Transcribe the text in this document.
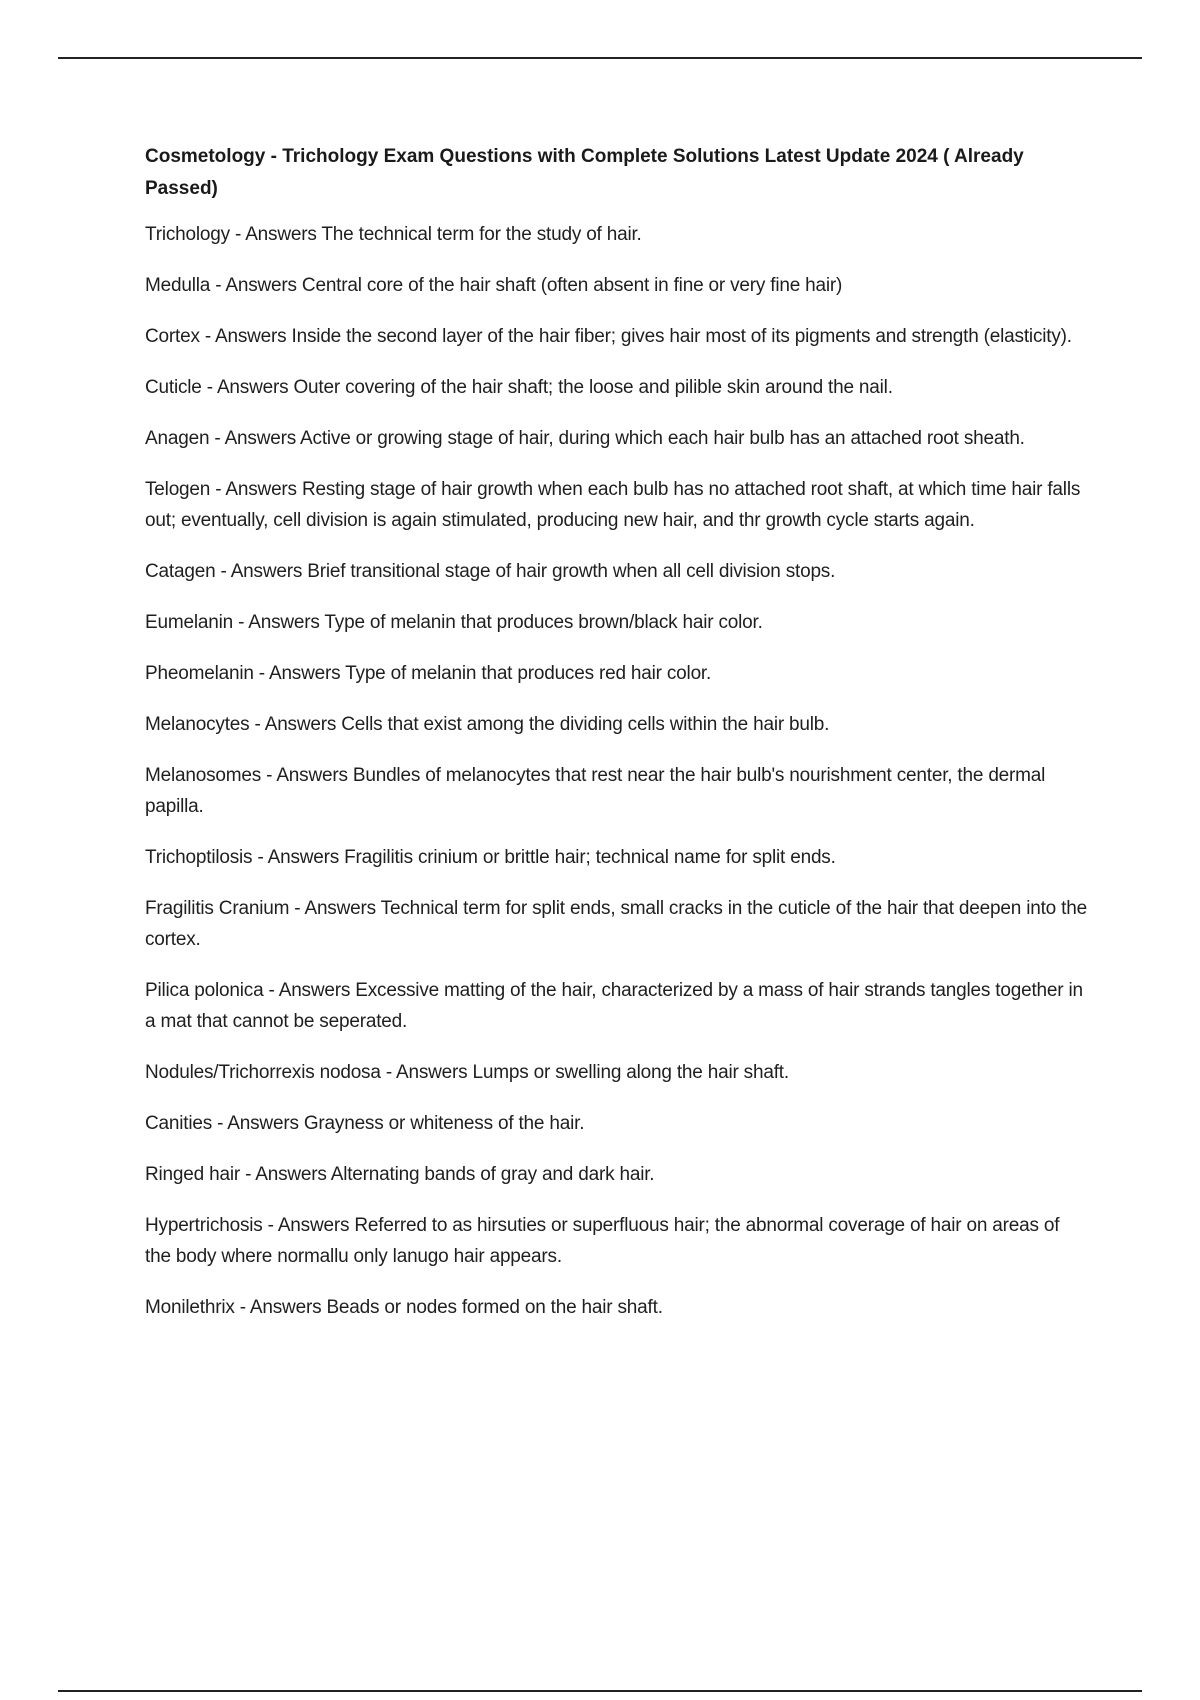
Cosmetology - Trichology Exam Questions with Complete Solutions Latest Update 2024 ( Already Passed)
Trichology - Answers The technical term for the study of hair.
Medulla - Answers Central core of the hair shaft (often absent in fine or very fine hair)
Cortex - Answers Inside the second layer of the hair fiber; gives hair most of its pigments and strength (elasticity).
Cuticle - Answers Outer covering of the hair shaft; the loose and pilible skin around the nail.
Anagen - Answers Active or growing stage of hair, during which each hair bulb has an attached root sheath.
Telogen - Answers Resting stage of hair growth when each bulb has no attached root shaft, at which time hair falls out; eventually, cell division is again stimulated, producing new hair, and thr growth cycle starts again.
Catagen - Answers Brief transitional stage of hair growth when all cell division stops.
Eumelanin - Answers Type of melanin that produces brown/black hair color.
Pheomelanin - Answers Type of melanin that produces red hair color.
Melanocytes - Answers Cells that exist among the dividing cells within the hair bulb.
Melanosomes - Answers Bundles of melanocytes that rest near the hair bulb's nourishment center, the dermal papilla.
Trichoptilosis - Answers Fragilitis crinium or brittle hair; technical name for split ends.
Fragilitis Cranium - Answers Technical term for split ends, small cracks in the cuticle of the hair that deepen into the cortex.
Pilica polonica - Answers Excessive matting of the hair, characterized by a mass of hair strands tangles together in a mat that cannot be seperated.
Nodules/Trichorrexis nodosa - Answers Lumps or swelling along the hair shaft.
Canities - Answers Grayness or whiteness of the hair.
Ringed hair - Answers Alternating bands of gray and dark hair.
Hypertrichosis - Answers Referred to as hirsuties or superfluous hair; the abnormal coverage of hair on areas of the body where normallu only lanugo hair appears.
Monilethrix - Answers Beads or nodes formed on the hair shaft.
